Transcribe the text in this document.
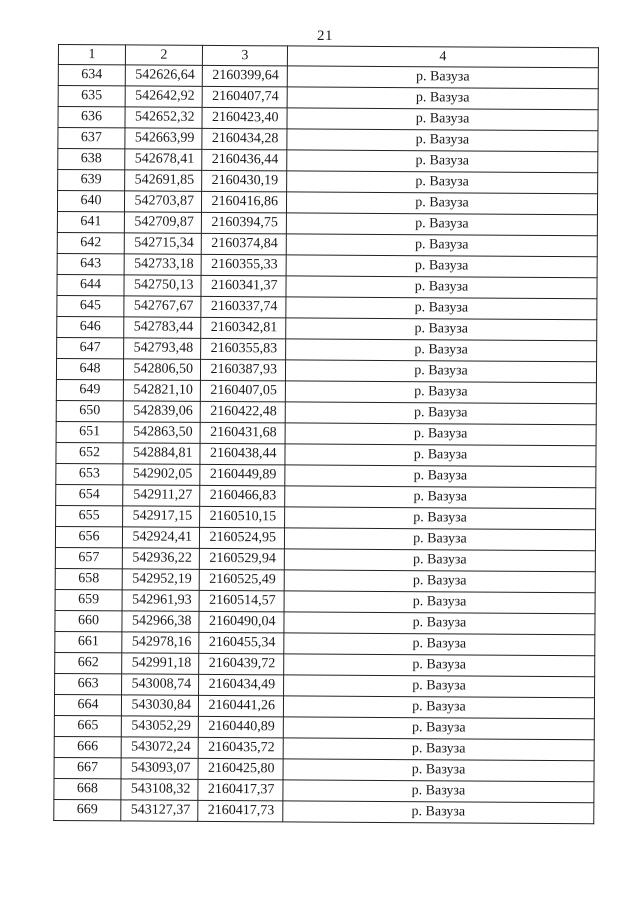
21
1	2	3	4
634	542626,64	2160399,64	р. Вазуза
635	542642,92	2160407,74	р. Вазуза
636	542652,32	2160423,40	р. Вазуза
637	542663,99	2160434,28	р. Вазуза
638	542678,41	2160436,44	р. Вазуза
639	542691,85	2160430,19	р. Вазуза
640	542703,87	2160416,86	р. Вазуза
641	542709,87	2160394,75	р. Вазуза
642	542715,34	2160374,84	р. Вазуза
643	542733,18	2160355,33	р. Вазуза
644	542750,13	2160341,37	р. Вазуза
645	542767,67	2160337,74	р. Вазуза
646	542783,44	2160342,81	р. Вазуза
647	542793,48	2160355,83	р. Вазуза
648	542806,50	2160387,93	р. Вазуза
649	542821,10	2160407,05	р. Вазуза
650	542839,06	2160422,48	р. Вазуза
651	542863,50	2160431,68	р. Вазуза
652	542884,81	2160438,44	р. Вазуза
653	542902,05	2160449,89	р. Вазуза
654	542911,27	2160466,83	р. Вазуза
655	542917,15	2160510,15	р. Вазуза
656	542924,41	2160524,95	р. Вазуза
657	542936,22	2160529,94	р. Вазуза
658	542952,19	2160525,49	р. Вазуза
659	542961,93	2160514,57	р. Вазуза
660	542966,38	2160490,04	р. Вазуза
661	542978,16	2160455,34	р. Вазуза
662	542991,18	2160439,72	р. Вазуза
663	543008,74	2160434,49	р. Вазуза
664	543030,84	2160441,26	р. Вазуза
665	543052,29	2160440,89	р. Вазуза
666	543072,24	2160435,72	р. Вазуза
667	543093,07	2160425,80	р. Вазуза
668	543108,32	2160417,37	р. Вазуза
669	543127,37	2160417,73	р. Вазуза
